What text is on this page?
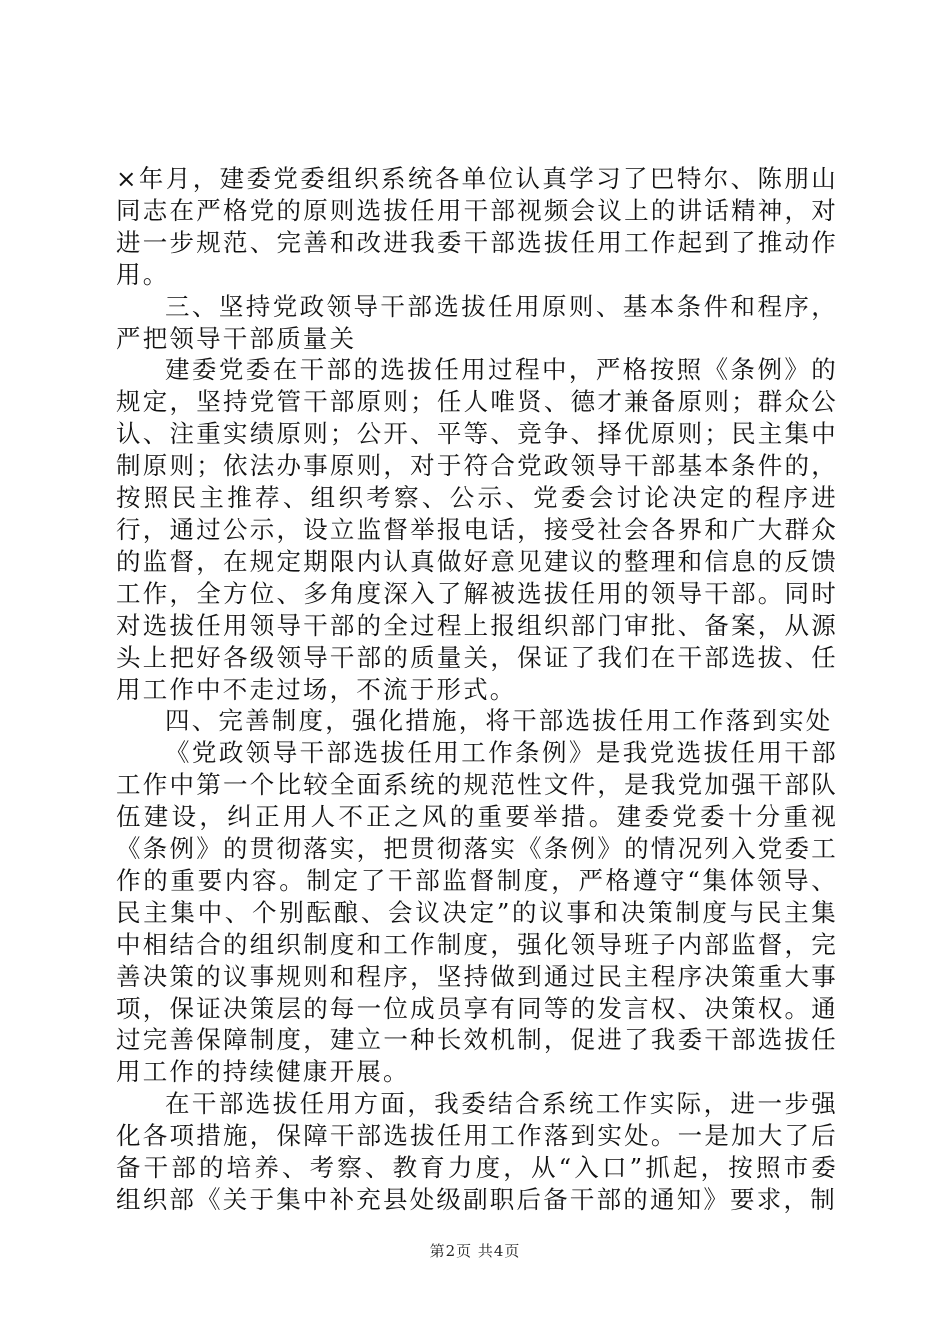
×年月，建委党委组织系统各单位认真学习了巴特尔、陈朋山同志在严格党的原则选拔任用干部视频会议上的讲话精神，对进一步规范、完善和改进我委干部选拔任用工作起到了推动作用。

三、坚持党政领导干部选拔任用原则、基本条件和程序，严把领导干部质量关

建委党委在干部的选拔任用过程中，严格按照《条例》的规定，坚持党管干部原则；任人唯贤、德才兼备原则；群众公认、注重实绩原则；公开、平等、竞争、择优原则；民主集中制原则；依法办事原则，对于符合党政领导干部基本条件的，按照民主推荐、组织考察、公示、党委会讨论决定的程序进行，通过公示，设立监督举报电话，接受社会各界和广大群众的监督，在规定期限内认真做好意见建议的整理和信息的反馈工作，全方位、多角度深入了解被选拔任用的领导干部。同时对选拔任用领导干部的全过程上报组织部门审批、备案，从源头上把好各级领导干部的质量关，保证了我们在干部选拔、任用工作中不走过场，不流于形式。

四、完善制度，强化措施，将干部选拔任用工作落到实处

《党政领导干部选拔任用工作条例》是我党选拔任用干部工作中第一个比较全面系统的规范性文件，是我党加强干部队伍建设，纠正用人不正之风的重要举措。建委党委十分重视《条例》的贯彻落实，把贯彻落实《条例》的情况列入党委工作的重要内容。制定了干部监督制度，严格遵守“集体领导、民主集中、个别酝酿、会议决定”的议事和决策制度与民主集中相结合的组织制度和工作制度，强化领导班子内部监督，完善决策的议事规则和程序，坚持做到通过民主程序决策重大事项，保证决策层的每一位成员享有同等的发言权、决策权。通过完善保障制度，建立一种长效机制，促进了我委干部选拔任用工作的持续健康开展。

在干部选拔任用方面，我委结合系统工作实际，进一步强化各项措施，保障干部选拔任用工作落到实处。一是加大了后备干部的培养、考察、教育力度，从“入口”抓起，按照市委组织部《关于集中补充县处级副职后备干部的通知》要求，制

第2页 共4页
